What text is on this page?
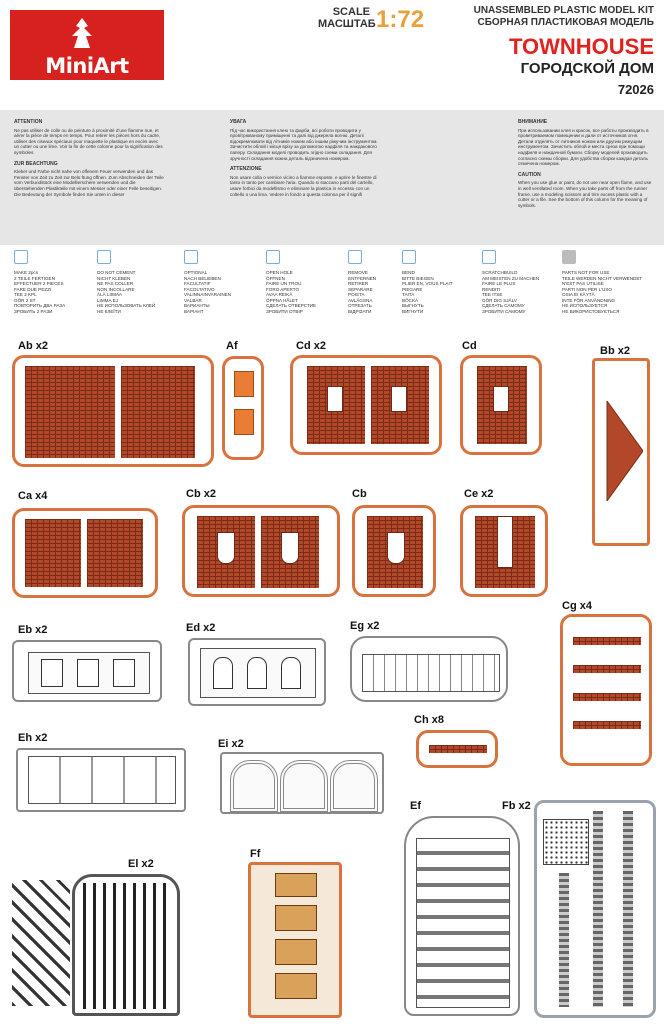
MiniArt
SCALE
МАСШТАБ 1:72	UNASSEMBLED PLASTIC MODEL KIT
СБОРНАЯ ПЛАСТИКОВАЯ МОДЕЛЬ
TOWNHOUSE
ГОРОДСКОЙ ДОМ
72026
ATTENTION
Ne pas utiliser de colle ou de peinture à proximité d'une flamme nue, et aérer la pièce de temps en temps. Pour retirer les pièces hors du cadre, utiliser des ciseaux spéciaux pour maquette le plastique en excès avec un cutter ou une lime. Voir la fin de cette colonne pour la signification des symboles
ZUR BEACHTUNG
Kleber und Farbe nicht nahe von offenem Feuer verwenden und das Fenster von Zeit zu Zeit zur Belü ftung öffnen. Zum Abschneiden der Teile vom Verbundstück eine Modellierschere verwenden und die überstehenden Plastikteile mit einem Messer oder einer Feile beseitigen. Die Bedeutung der Symbole finden Sie unten in dieser
УВАГА
Під час використання клею та фарби, всі роботи проводити у провітрюваному приміщенні та далі від джерела вогню. Деталі відокремлювати від літників ножем або іншим ріжучим інструментом. Зачистити облой і місця врізу за допомогою надфіля та наждакового паперу. Складання моделі проводить згідно схеми складання. Для зручності складання кожна деталь відзначена номером.
ATTENZIONE
Non usare colla o vernice vicino a fiamme esposte. e aprire le finestre di tanto in tanto per cambiare l'aria. Quando si staccano parti del cartello, usare forbici da modellismo e eliminare la plastica in eccesso con un coltello o una lima. Vedere in fondo a questa colonna per il signifi
ВНИМАНИЕ
При использовании клея и красок, все работы производить в проветриваемом помещении и дали от источников огня. Детали отделять от литников ножом или другим режущим инструментом. Зачистить облой и места среза при помощи надфиля и наждачной бумаги. Сборку моделей производить согласно схемы сборки. Для удобства сборки каждая деталь отмечена номером.
CAUTION
When you use glue or paint, do not use near open flame, and use in well ventilated room. When you take parts off from the runner frame, use a modeling scissors and trim excess plastic with a cutter or a file. See the bottom of this column for the meaning of symbols.
MAKE 2pcs
2 TEILE FERTIGEN
EFFECTUER 2 PIECES
FARE DUE PEZZI
TEE 2 KPL
GÖR 2 ST
ПОВТОРИТЬ ДВА РАЗА
ЗРОБИТЬ 2 РАЗИ
DO NOT CEMENT
NICHT KLEBEN
NE PAS COLLER
NON INCOLLARE
ÄLÄ LIIMAA
LIMMA EJ
НЕ ИСПОЛЬЗОВАТЬ КЛЕЙ
НЕ КЛЕЇТИ
OPTIONAL
NACH BELIEBEN
FACULTATIF
FACOLTATIVO
VALINNAINVARAINEN
VALBAR
ВАРИАНТЫ
ВАРІАНТ
OPEN HOLE
ÖFFNEN
FAIRE UN TROU
FORO APERTO
AVAA REIKÄ
ÖPPNA HÅLET
СДЕЛАТЬ ОТВЕРСТИЕ
ЗРОБИТИ ОТВІР
REMOVE
ENTFERNEN
RETIRER
SEPARARE
POISTA
AVLÄGSNA
ОТРЕЗАТЬ
ВІДРІЗАТИ
BEND
BITTE BIEGEN
PLIER EN, VOUS PLAIT
PIEGARE
TAITA
BÖCKA
ВЫГНУТЬ
ВИГНУТИ
SCRATCHBUILD
AM MEISTEN ZU MACHEN
FAIRE LE PLUS
RENDITI
TEE ITSE
GÖR DIG SJÄLV
СДЕЛАТЬ САМОМУ
ЗРОБИТИ САМОМУ
PARTS NOT FOR USE
TEILE WERDEN NICHT VERWENDET
N'EST PAS UTILISE
PARTI NON PER L'USO
OSIA EI KÄYTÄ
INTE FÖR ANVÄNDNING
НЕ ИСПОЛЬЗУЕТСЯ
НЕ ВИКОРИСТОВУЄТЬСЯ
Ab x2	Af	Cd x2	Cd	Bb x2
Ca x4	Cb x2	Cb	Ce x2
Eb x2	Ed x2	Eg x2
Cg x4
Eh x2	Ei x2
Ch x8
Ef	Fb x2
El x2
Ff
